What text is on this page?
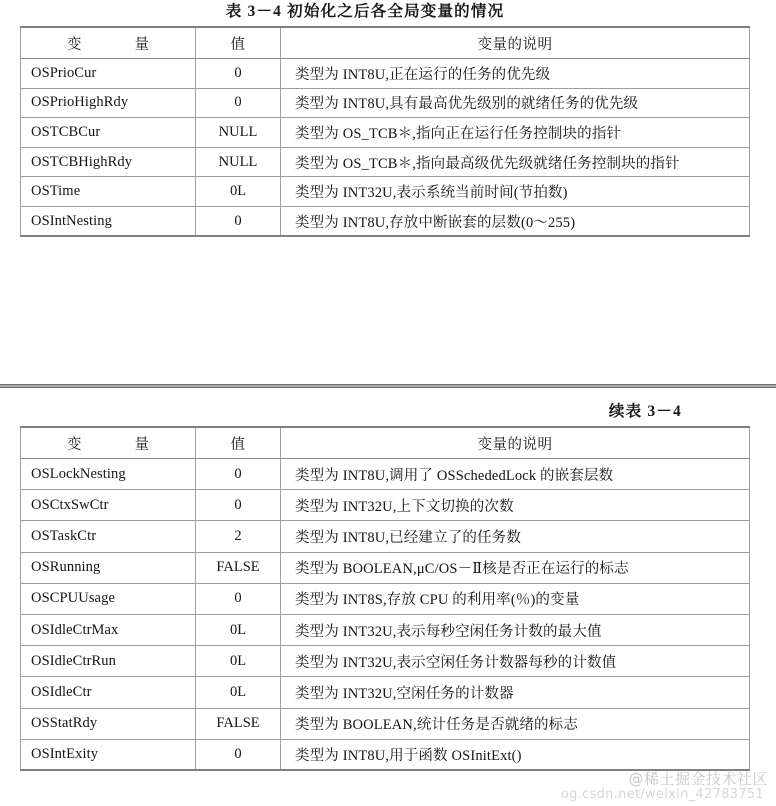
表 3－4 初始化之后各全局变量的情况
变　　量	值	变量的说明
OSPrioCur	0	类型为 INT8U,正在运行的任务的优先级
OSPrioHighRdy	0	类型为 INT8U,具有最高优先级别的就绪任务的优先级
OSTCBCur	NULL	类型为 OS_TCB＊,指向正在运行任务控制块的指针
OSTCBHighRdy	NULL	类型为 OS_TCB＊,指向最高级优先级就绪任务控制块的指针
OSTime	0L	类型为 INT32U,表示系统当前时间(节拍数)
OSIntNesting	0	类型为 INT8U,存放中断嵌套的层数(0～255)
续表 3－4
变　　量	值	变量的说明
OSLockNesting	0	类型为 INT8U,调用了 OSSchededLock 的嵌套层数
OSCtxSwCtr	0	类型为 INT32U,上下文切换的次数
OSTaskCtr	2	类型为 INT8U,已经建立了的任务数
OSRunning	FALSE	类型为 BOOLEAN,μC/OS－Ⅱ核是否正在运行的标志
OSCPUUsage	0	类型为 INT8S,存放 CPU 的利用率(％)的变量
OSIdleCtrMax	0L	类型为 INT32U,表示每秒空闲任务计数的最大值
OSIdleCtrRun	0L	类型为 INT32U,表示空闲任务计数器每秒的计数值
OSIdleCtr	0L	类型为 INT32U,空闲任务的计数器
OSStatRdy	FALSE	类型为 BOOLEAN,统计任务是否就绪的标志
OSIntExity	0	类型为 INT8U,用于函数 OSInitExt()
@稀土掘金技术社区
og.csdn.net/weixin_42783751
